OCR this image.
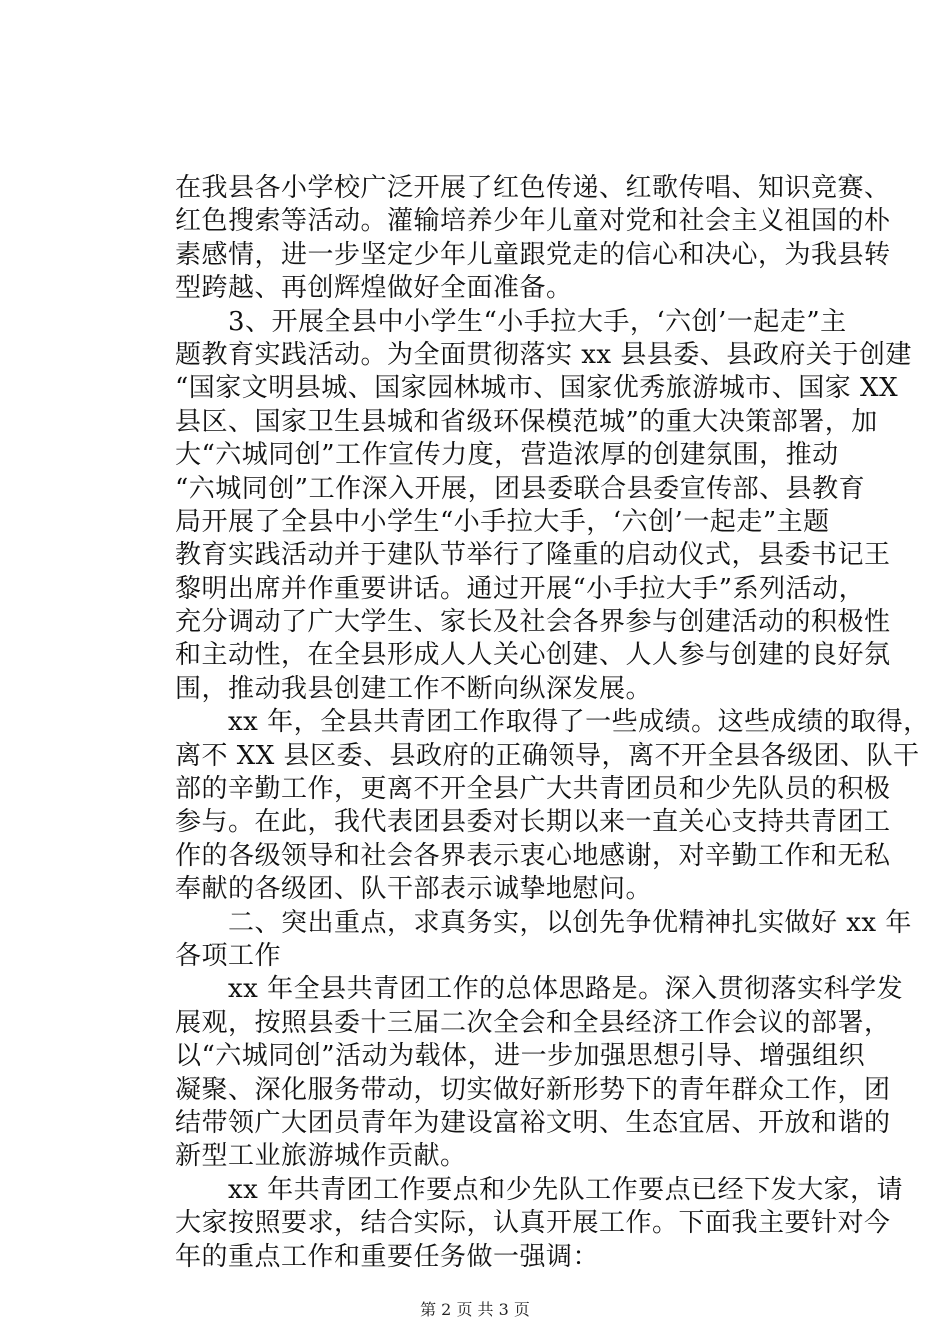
在我县各小学校广泛开展了红色传递、红歌传唱、知识竞赛、
红色搜索等活动。灌输培养少年儿童对党和社会主义祖国的朴
素感情，进一步坚定少年儿童跟党走的信心和决心，为我县转
型跨越、再创辉煌做好全面准备。
　　3、开展全县中小学生“小手拉大手，‘六创’一起走”主
题教育实践活动。为全面贯彻落实 xx 县县委、县政府关于创建
“国家文明县城、国家园林城市、国家优秀旅游城市、国家 XX
县区、国家卫生县城和省级环保模范城”的重大决策部署，加
大“六城同创”工作宣传力度，营造浓厚的创建氛围，推动
“六城同创”工作深入开展，团县委联合县委宣传部、县教育
局开展了全县中小学生“小手拉大手，‘六创’一起走”主题
教育实践活动并于建队节举行了隆重的启动仪式，县委书记王
黎明出席并作重要讲话。通过开展“小手拉大手”系列活动，
充分调动了广大学生、家长及社会各界参与创建活动的积极性
和主动性，在全县形成人人关心创建、人人参与创建的良好氛
围，推动我县创建工作不断向纵深发展。
　　xx 年，全县共青团工作取得了一些成绩。这些成绩的取得，
离不 XX 县区委、县政府的正确领导，离不开全县各级团、队干
部的辛勤工作，更离不开全县广大共青团员和少先队员的积极
参与。在此，我代表团县委对长期以来一直关心支持共青团工
作的各级领导和社会各界表示衷心地感谢，对辛勤工作和无私
奉献的各级团、队干部表示诚挚地慰问。
　　二、突出重点，求真务实，以创先争优精神扎实做好 xx 年
各项工作
　　xx 年全县共青团工作的总体思路是。深入贯彻落实科学发
展观，按照县委十三届二次全会和全县经济工作会议的部署，
以“六城同创”活动为载体，进一步加强思想引导、增强组织
凝聚、深化服务带动，切实做好新形势下的青年群众工作，团
结带领广大团员青年为建设富裕文明、生态宜居、开放和谐的
新型工业旅游城作贡献。
　　xx 年共青团工作要点和少先队工作要点已经下发大家，请
大家按照要求，结合实际，认真开展工作。下面我主要针对今
年的重点工作和重要任务做一强调：
第 2 页 共 3 页
